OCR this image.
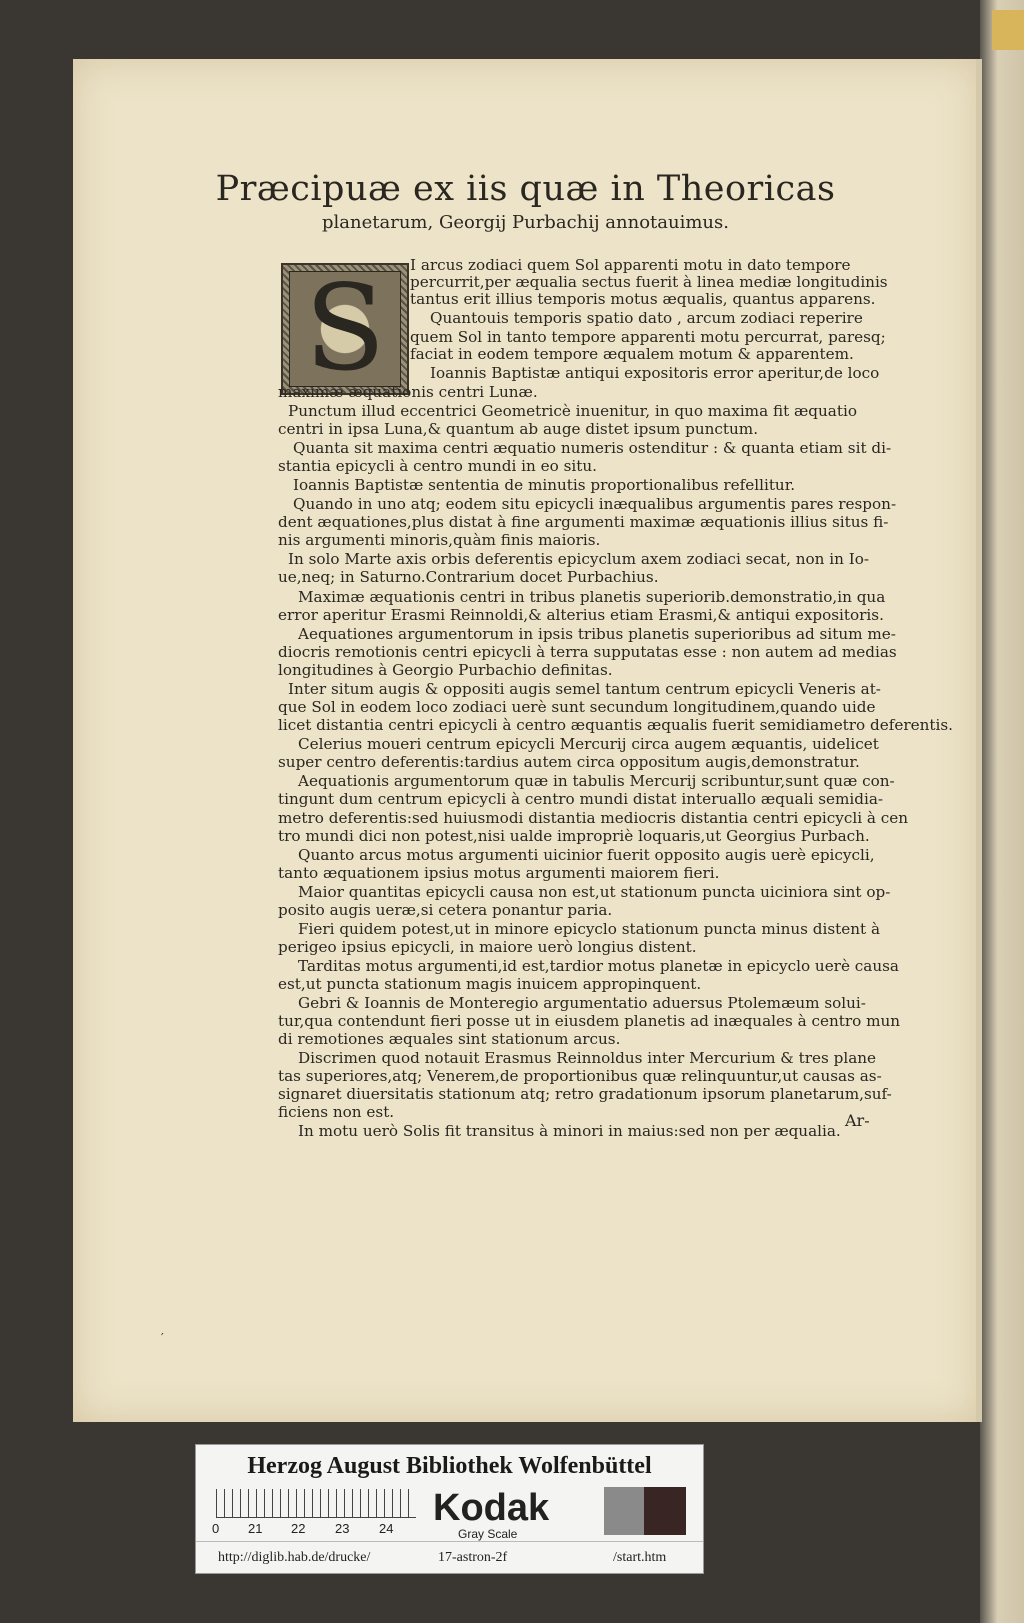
Præcipuæ ex iis quæ in Theoricas
planetarum, Georgij Purbachij annotauimus.
S	I arcus zodiaci quem Sol apparenti motu in dato tempore
percurrit,per æqualia sectus fuerit à linea mediæ longitudinis
tantus erit illius temporis motus æqualis, quantus apparens.
Quantouis temporis spatio dato , arcum zodiaci reperire
quem Sol in tanto tempore apparenti motu percurrat, paresq;
faciat in eodem tempore æqualem motum & apparentem.
Ioannis Baptistæ antiqui expositoris error aperitur,de loco
maximæ æquationis centri Lunæ.
Punctum illud eccentrici Geometricè inuenitur, in quo maxima fit æquatio
centri in ipsa Luna,& quantum ab auge distet ipsum punctum.
Quanta sit maxima centri æquatio numeris ostenditur : & quanta etiam sit di-
stantia epicycli à centro mundi in eo situ.
Ioannis Baptistæ sententia de minutis proportionalibus refellitur.
Quando in uno atq; eodem situ epicycli inæqualibus argumentis pares respon-
dent æquationes,plus distat à fine argumenti maximæ æquationis illius situs fi-
nis argumenti minoris,quàm finis maioris.
In solo Marte axis orbis deferentis epicyclum axem zodiaci secat, non in Io-
ue,neq; in Saturno.Contrarium docet Purbachius.
Maximæ æquationis centri in tribus planetis superiorib.demonstratio,in qua
error aperitur Erasmi Reinnoldi,& alterius etiam Erasmi,& antiqui expositoris.
Aequationes argumentorum in ipsis tribus planetis superioribus ad situm me-
diocris remotionis centri epicycli à terra supputatas esse : non autem ad medias
longitudines à Georgio Purbachio definitas.
Inter situm augis & oppositi augis semel tantum centrum epicycli Veneris at-
que Sol in eodem loco zodiaci uerè sunt secundum longitudinem,quando uide
licet distantia centri epicycli à centro æquantis æqualis fuerit semidiametro deferentis.
Celerius moueri centrum epicycli Mercurij circa augem æquantis, uidelicet
super centro deferentis:tardius autem circa oppositum augis,demonstratur.
Aequationis argumentorum quæ in tabulis Mercurij scribuntur,sunt quæ con-
tingunt dum centrum epicycli à centro mundi distat interuallo æquali semidia-
metro deferentis:sed huiusmodi distantia mediocris distantia centri epicycli à cen
tro mundi dici non potest,nisi ualde impropriè loquaris,ut Georgius Purbach.
Quanto arcus motus argumenti uicinior fuerit opposito augis uerè epicycli,
tanto æquationem ipsius motus argumenti maiorem fieri.
Maior quantitas epicycli causa non est,ut stationum puncta uiciniora sint op-
posito augis ueræ,si cetera ponantur paria.
Fieri quidem potest,ut in minore epicyclo stationum puncta minus distent à
perigeo ipsius epicycli, in maiore uerò longius distent.
Tarditas motus argumenti,id est,tardior motus planetæ in epicyclo uerè causa
est,ut puncta stationum magis inuicem appropinquent.
Gebri & Ioannis de Monteregio argumentatio aduersus Ptolemæum solui-
tur,qua contendunt fieri posse ut in eiusdem planetis ad inæquales à centro mun
di remotiones æquales sint stationum arcus.
Discrimen quod notauit Erasmus Reinnoldus inter Mercurium & tres plane
tas superiores,atq; Venerem,de proportionibus quæ relinquuntur,ut causas as-
signaret diuersitatis stationum atq; retro gradationum ipsorum planetarum,suf-
ficiens non est.
In motu uerò Solis fit transitus à minori in maius:sed non per æqualia.
Ar-
′
Herzog August Bibliothek Wolfenbüttel
0 21 22 23 24 Kodak
Gray Scale
http://diglib.hab.de/drucke/	17-astron-2f	/start.htm
